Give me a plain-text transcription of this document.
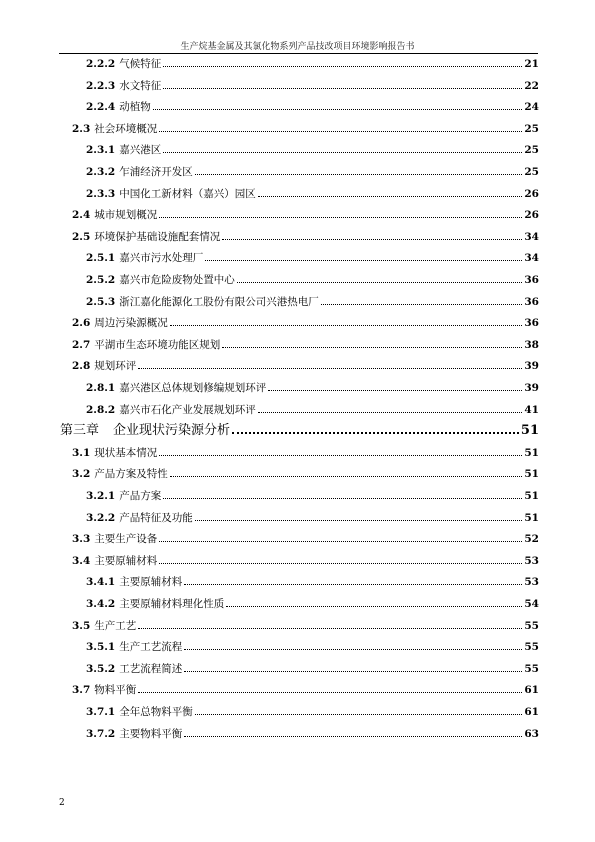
生产烷基金属及其氯化物系列产品技改项目环境影响报告书
2.2.2 气候特征	21
2.2.3 水文特征	22
2.2.4 动植物	24
2.3 社会环境概况	25
2.3.1 嘉兴港区	25
2.3.2 乍浦经济开发区	25
2.3.3 中国化工新材料（嘉兴）园区	26
2.4 城市规划概况	26
2.5 环境保护基础设施配套情况	34
2.5.1 嘉兴市污水处理厂	34
2.5.2 嘉兴市危险废物处置中心	36
2.5.3 浙江嘉化能源化工股份有限公司兴港热电厂	36
2.6 周边污染源概况	36
2.7 平湖市生态环境功能区规划	38
2.8 规划环评	39
2.8.1 嘉兴港区总体规划修编规划环评	39
2.8.2 嘉兴市石化产业发展规划环评	41
第三章 企业现状污染源分析	51
3.1 现状基本情况	51
3.2 产品方案及特性	51
3.2.1 产品方案	51
3.2.2 产品特征及功能	51
3.3 主要生产设备	52
3.4 主要原辅材料	53
3.4.1 主要原辅材料	53
3.4.2 主要原辅材料理化性质	54
3.5 生产工艺	55
3.5.1 生产工艺流程	55
3.5.2 工艺流程简述	55
3.7 物料平衡	61
3.7.1 全年总物料平衡	61
3.7.2 主要物料平衡	63
2
